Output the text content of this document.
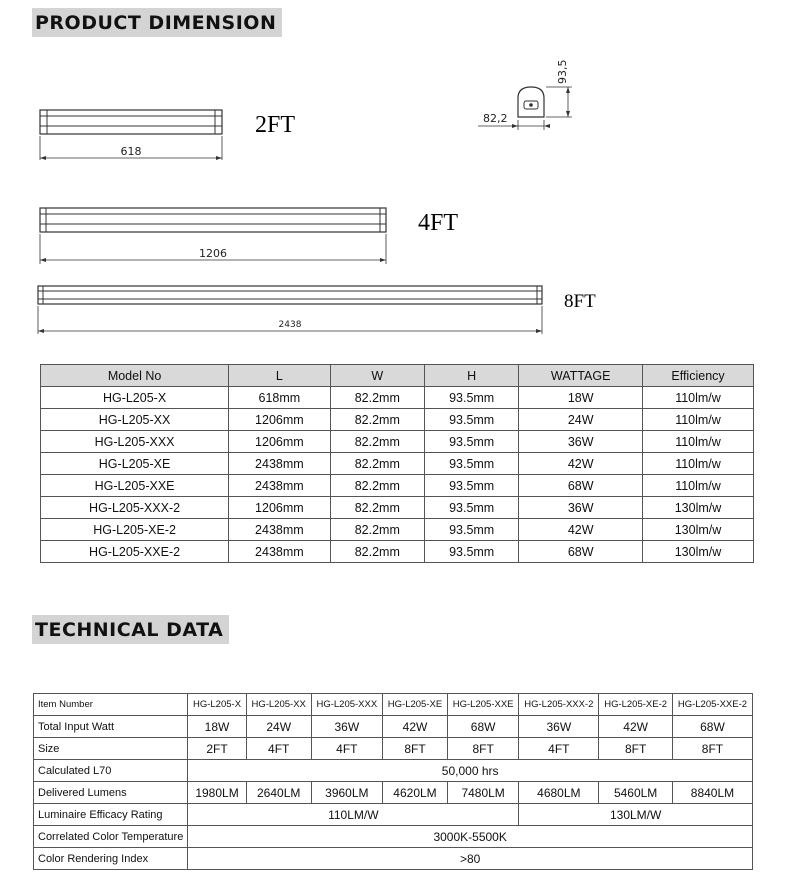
PRODUCT DIMENSION
618
2FT
1206
4FT
2438
8FT
93,5
82,2
Model No	L	W	H	WATTAGE	Efficiency
HG-L205-X	618mm	82.2mm	93.5mm	18W	110lm/w
HG-L205-XX	1206mm	82.2mm	93.5mm	24W	110lm/w
HG-L205-XXX	1206mm	82.2mm	93.5mm	36W	110lm/w
HG-L205-XE	2438mm	82.2mm	93.5mm	42W	110lm/w
HG-L205-XXE	2438mm	82.2mm	93.5mm	68W	110lm/w
HG-L205-XXX-2	1206mm	82.2mm	93.5mm	36W	130lm/w
HG-L205-XE-2	2438mm	82.2mm	93.5mm	42W	130lm/w
HG-L205-XXE-2	2438mm	82.2mm	93.5mm	68W	130lm/w
TECHNICAL DATA
Item Number	HG-L205-X	HG-L205-XX	HG-L205-XXX	HG-L205-XE	HG-L205-XXE	HG-L205-XXX-2	HG-L205-XE-2	HG-L205-XXE-2
Total Input Watt	18W	24W	36W	42W	68W	36W	42W	68W
Size	2FT	4FT	4FT	8FT	8FT	4FT	8FT	8FT
Calculated L70	50,000 hrs							
Delivered Lumens	1980LM	2640LM	3960LM	4620LM	7480LM	4680LM	5460LM	8840LM
Luminaire Efficacy Rating	110LM/W					130LM/W		
Correlated Color Temperature	3000K-5500K							
Color Rendering Index	>80							
